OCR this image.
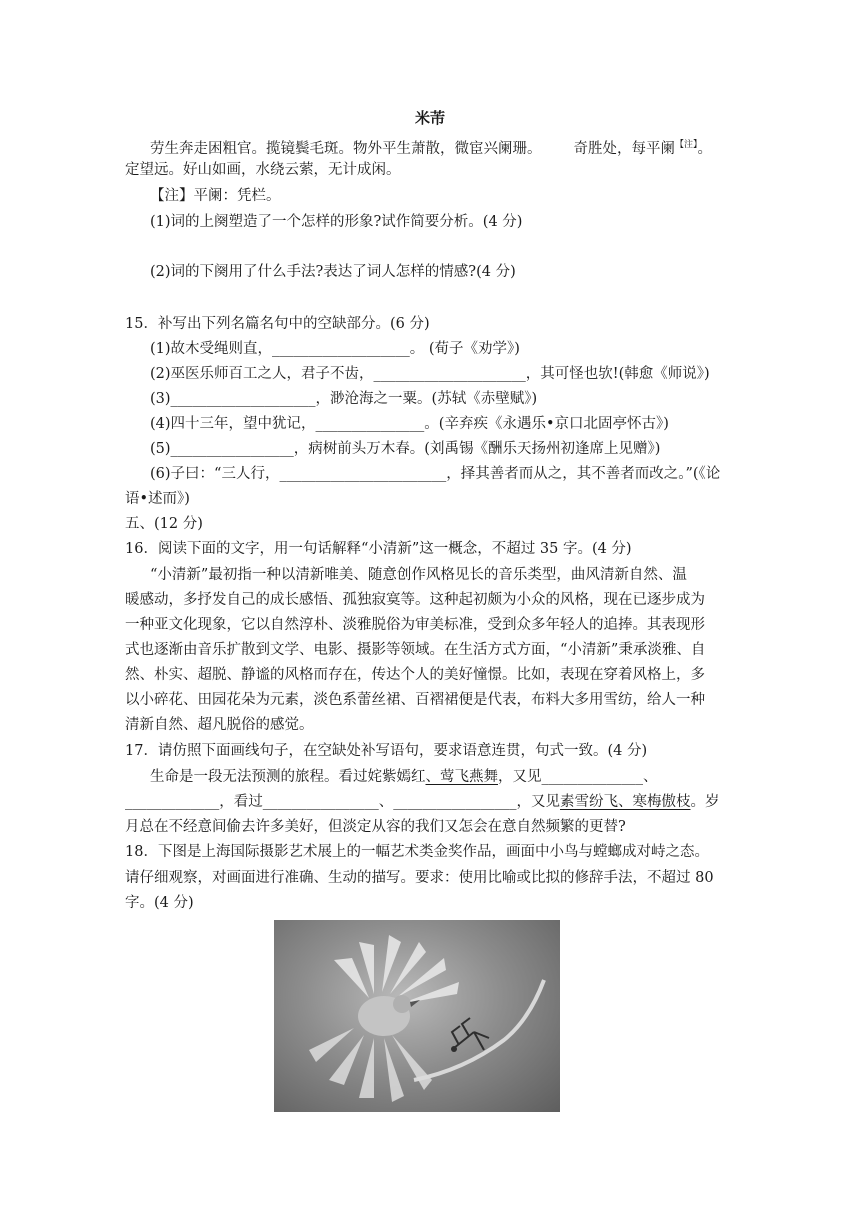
米芾
劳生奔走困粗官。揽镜鬓毛斑。物外平生萧散，微宦兴阑珊。 奇胜处，每平阑$^{【注】}$。
定望远。好山如画，水绕云萦，无计成闲。
【注】平阑：凭栏。
(1)词的上阕塑造了一个怎样的形象?试作简要分析。(4 分)
(2)词的下阕用了什么手法?表达了词人怎样的情感?(4 分)
15．补写出下列名篇名句中的空缺部分。(6 分)
(1)故木受绳则直，___________________。 (荀子《劝学》)
(2)巫医乐师百工之人，君子不齿，_____________________，其可怪也欤!(韩愈《师说》)
(3)____________________，渺沧海之一粟。(苏轼《赤壁赋》)
(4)四十三年，望中犹记，_______________。(辛弃疾《永遇乐•京口北固亭怀古》)
(5)_________________，病树前头万木春。(刘禹锡《酬乐天扬州初逢席上见赠》)
(6)子曰：“三人行，_______________________，择其善者而从之，其不善者而改之。”(《论
语•述而》)
五、(12 分)
16．阅读下面的文字，用一句话解释“小清新”这一概念，不超过 35 字。(4 分)
“小清新”最初指一种以清新唯美、随意创作风格见长的音乐类型，曲风清新自然、温
暖感动，多抒发自己的成长感悟、孤独寂寞等。这种起初颇为小众的风格，现在已逐步成为
一种亚文化现象，它以自然淳朴、淡雅脱俗为审美标准，受到众多年轻人的追捧。其表现形
式也逐渐由音乐扩散到文学、电影、摄影等领域。在生活方式方面，“小清新”秉承淡雅、自
然、朴实、超脱、静谧的风格而存在，传达个人的美好憧憬。比如，表现在穿着风格上，多
以小碎花、田园花朵为元素，淡色系蕾丝裙、百褶裙便是代表，布料大多用雪纺，给人一种
清新自然、超凡脱俗的感觉。
17．请仿照下面画线句子，在空缺处补写语句，要求语意连贯，句式一致。(4 分)
生命是一段无法预测的旅程。看过姹紫嫣红、莺飞燕舞，又见______________、
_____________，看过________________、_________________，又见素雪纷飞、寒梅傲枝。岁
月总在不经意间偷去许多美好，但淡定从容的我们又怎会在意自然频繁的更替?
18．下图是上海国际摄影艺术展上的一幅艺术类金奖作品，画面中小鸟与螳螂成对峙之态。
请仔细观察，对画面进行准确、生动的描写。要求：使用比喻或比拟的修辞手法，不超过 80
字。(4 分)
